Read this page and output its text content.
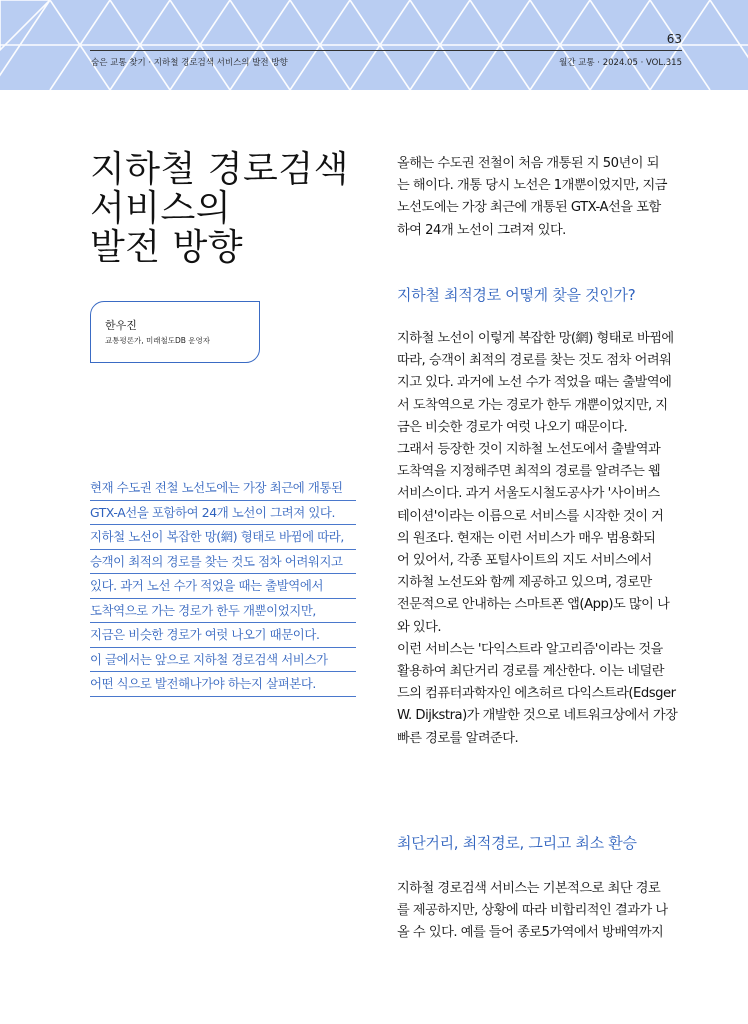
63
숨은 교통 찾기 · 지하철 경로검색 서비스의 발전 방향	월간 교통 · 2024.05 · VOL.315
지하철 경로검색
서비스의
발전 방향
한우진
교통평론가, 미래철도DB 운영자
현재 수도권 전철 노선도에는 가장 최근에 개통된
GTX-A선을 포함하여 24개 노선이 그려져 있다.
지하철 노선이 복잡한 망(網) 형태로 바뀜에 따라,
승객이 최적의 경로를 찾는 것도 점차 어려워지고
있다. 과거 노선 수가 적었을 때는 출발역에서
도착역으로 가는 경로가 한두 개뿐이었지만,
지금은 비슷한 경로가 여럿 나오기 때문이다.
이 글에서는 앞으로 지하철 경로검색 서비스가
어떤 식으로 발전해나가야 하는지 살펴본다.
올해는 수도권 전철이 처음 개통된 지 50년이 되
는 해이다. 개통 당시 노선은 1개뿐이었지만, 지금
노선도에는 가장 최근에 개통된 GTX-A선을 포함
하여 24개 노선이 그려져 있다.
지하철 최적경로 어떻게 찾을 것인가?
지하철 노선이 이렇게 복잡한 망(網) 형태로 바뀜에
따라, 승객이 최적의 경로를 찾는 것도 점차 어려워
지고 있다. 과거에 노선 수가 적었을 때는 출발역에
서 도착역으로 가는 경로가 한두 개뿐이었지만, 지
금은 비슷한 경로가 여럿 나오기 때문이다.
그래서 등장한 것이 지하철 노선도에서 출발역과
도착역을 지정해주면 최적의 경로를 알려주는 웹
서비스이다. 과거 서울도시철도공사가 '사이버스
테이션'이라는 이름으로 서비스를 시작한 것이 거
의 원조다. 현재는 이런 서비스가 매우 범용화되
어 있어서, 각종 포털사이트의 지도 서비스에서
지하철 노선도와 함께 제공하고 있으며, 경로만
전문적으로 안내하는 스마트폰 앱(App)도 많이 나
와 있다.
이런 서비스는 '다익스트라 알고리즘'이라는 것을
활용하여 최단거리 경로를 계산한다. 이는 네덜란
드의 컴퓨터과학자인 에츠허르 다익스트라(Edsger
W. Dijkstra)가 개발한 것으로 네트워크상에서 가장
빠른 경로를 알려준다.
최단거리, 최적경로, 그리고 최소 환승
지하철 경로검색 서비스는 기본적으로 최단 경로
를 제공하지만, 상황에 따라 비합리적인 결과가 나
올 수 있다. 예를 들어 종로5가역에서 방배역까지
